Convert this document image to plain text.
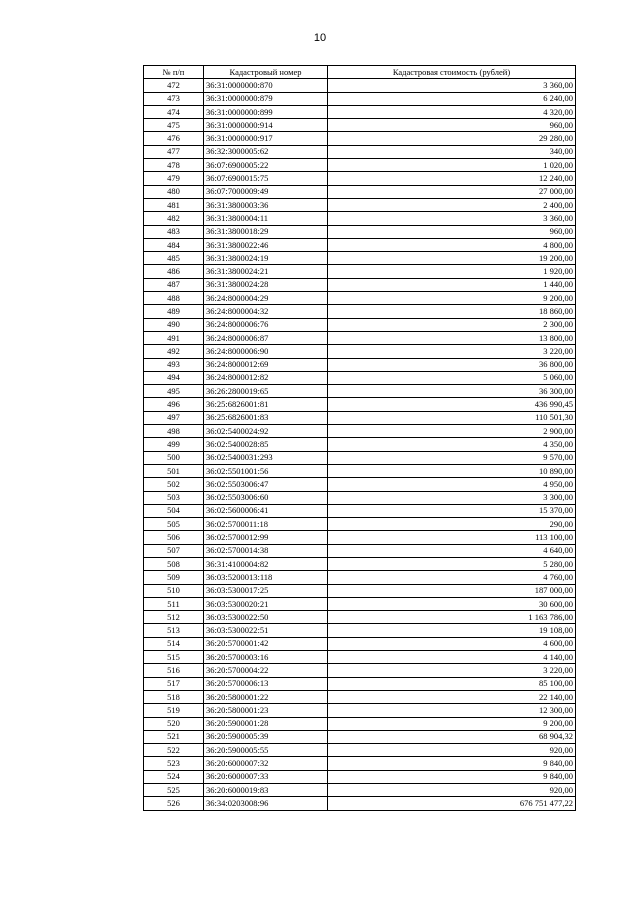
10
№ п/п	Кадастровый номер	Кадастровая стоимость (рублей)
472	36:31:0000000:870	3 360,00
473	36:31:0000000:879	6 240,00
474	36:31:0000000:899	4 320,00
475	36:31:0000000:914	960,00
476	36:31:0000000:917	29 280,00
477	36:32:3000005:62	340,00
478	36:07:6900005:22	1 020,00
479	36:07:6900015:75	12 240,00
480	36:07:7000009:49	27 000,00
481	36:31:3800003:36	2 400,00
482	36:31:3800004:11	3 360,00
483	36:31:3800018:29	960,00
484	36:31:3800022:46	4 800,00
485	36:31:3800024:19	19 200,00
486	36:31:3800024:21	1 920,00
487	36:31:3800024:28	1 440,00
488	36:24:8000004:29	9 200,00
489	36:24:8000004:32	18 860,00
490	36:24:8000006:76	2 300,00
491	36:24:8000006:87	13 800,00
492	36:24:8000006:90	3 220,00
493	36:24:8000012:69	36 800,00
494	36:24:8000012:82	5 060,00
495	36:26:2800019:65	36 300,00
496	36:25:6826001:81	436 990,45
497	36:25:6826001:83	110 501,30
498	36:02:5400024:92	2 900,00
499	36:02:5400028:85	4 350,00
500	36:02:5400031:293	9 570,00
501	36:02:5501001:56	10 890,00
502	36:02:5503006:47	4 950,00
503	36:02:5503006:60	3 300,00
504	36:02:5600006:41	15 370,00
505	36:02:5700011:18	290,00
506	36:02:5700012:99	113 100,00
507	36:02:5700014:38	4 640,00
508	36:31:4100004:82	5 280,00
509	36:03:5200013:118	4 760,00
510	36:03:5300017:25	187 000,00
511	36:03:5300020:21	30 600,00
512	36:03:5300022:50	1 163 786,00
513	36:03:5300022:51	19 108,00
514	36:20:5700001:42	4 600,00
515	36:20:5700003:16	4 140,00
516	36:20:5700004:22	3 220,00
517	36:20:5700006:13	85 100,00
518	36:20:5800001:22	22 140,00
519	36:20:5800001:23	12 300,00
520	36:20:5900001:28	9 200,00
521	36:20:5900005:39	68 904,32
522	36:20:5900005:55	920,00
523	36:20:6000007:32	9 840,00
524	36:20:6000007:33	9 840,00
525	36:20:6000019:83	920,00
526	36:34:0203008:96	676 751 477,22
